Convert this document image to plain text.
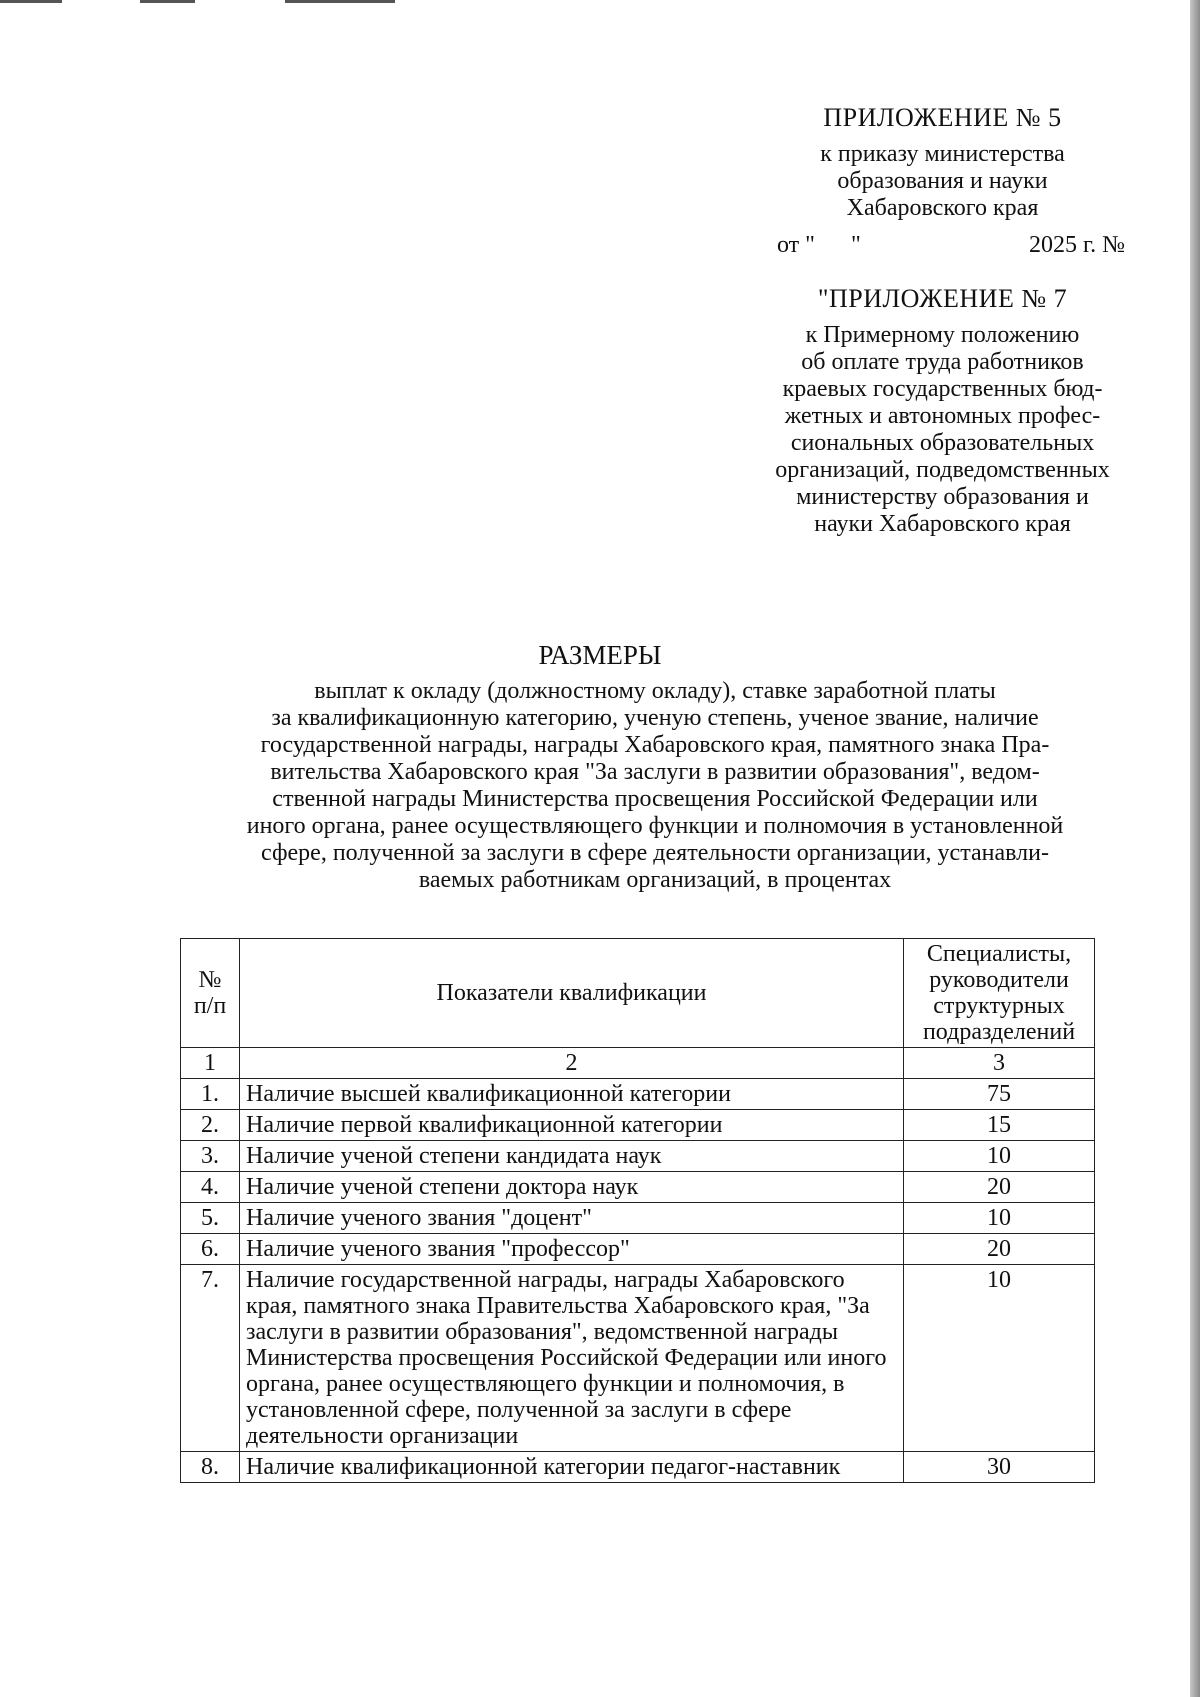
ПРИЛОЖЕНИЕ № 5
к приказу министерства
образования и науки
Хабаровского края
от "      "	2025 г. №
"ПРИЛОЖЕНИЕ № 7
к Примерному положению
об оплате труда работников
краевых государственных бюд-
жетных и автономных профес-
сиональных образовательных
организаций, подведомственных
министерству образования и
науки Хабаровского края
РАЗМЕРЫ
выплат к окладу (должностному окладу), ставке заработной платы
за квалификационную категорию, ученую степень, ученое звание, наличие
государственной награды, награды Хабаровского края, памятного знака Пра-
вительства Хабаровского края "За заслуги в развитии образования", ведом-
ственной награды Министерства просвещения Российской Федерации или
иного органа, ранее осуществляющего функции и полномочия в установленной
сфере, полученной за заслуги в сфере деятельности организации, устанавли-
ваемых работникам организаций, в процентах
№ п/п	Показатели квалификации	Специалисты, руководители структурных подразделений
1	2	3
1.	Наличие высшей квалификационной категории	75
2.	Наличие первой квалификационной категории	15
3.	Наличие ученой степени кандидата наук	10
4.	Наличие ученой степени доктора наук	20
5.	Наличие ученого звания "доцент"	10
6.	Наличие ученого звания "профессор"	20
7.	Наличие государственной награды, награды Хабаровского края, памятного знака Правительства Хабаровского края, "За заслуги в развитии образования", ведомственной награды Министерства просвещения Российской Федерации или иного органа, ранее осуществляющего функции и полномочия, в установленной сфере, полученной за заслуги в сфере деятельности организации	10
8.	Наличие квалификационной категории педагог-наставник	30
